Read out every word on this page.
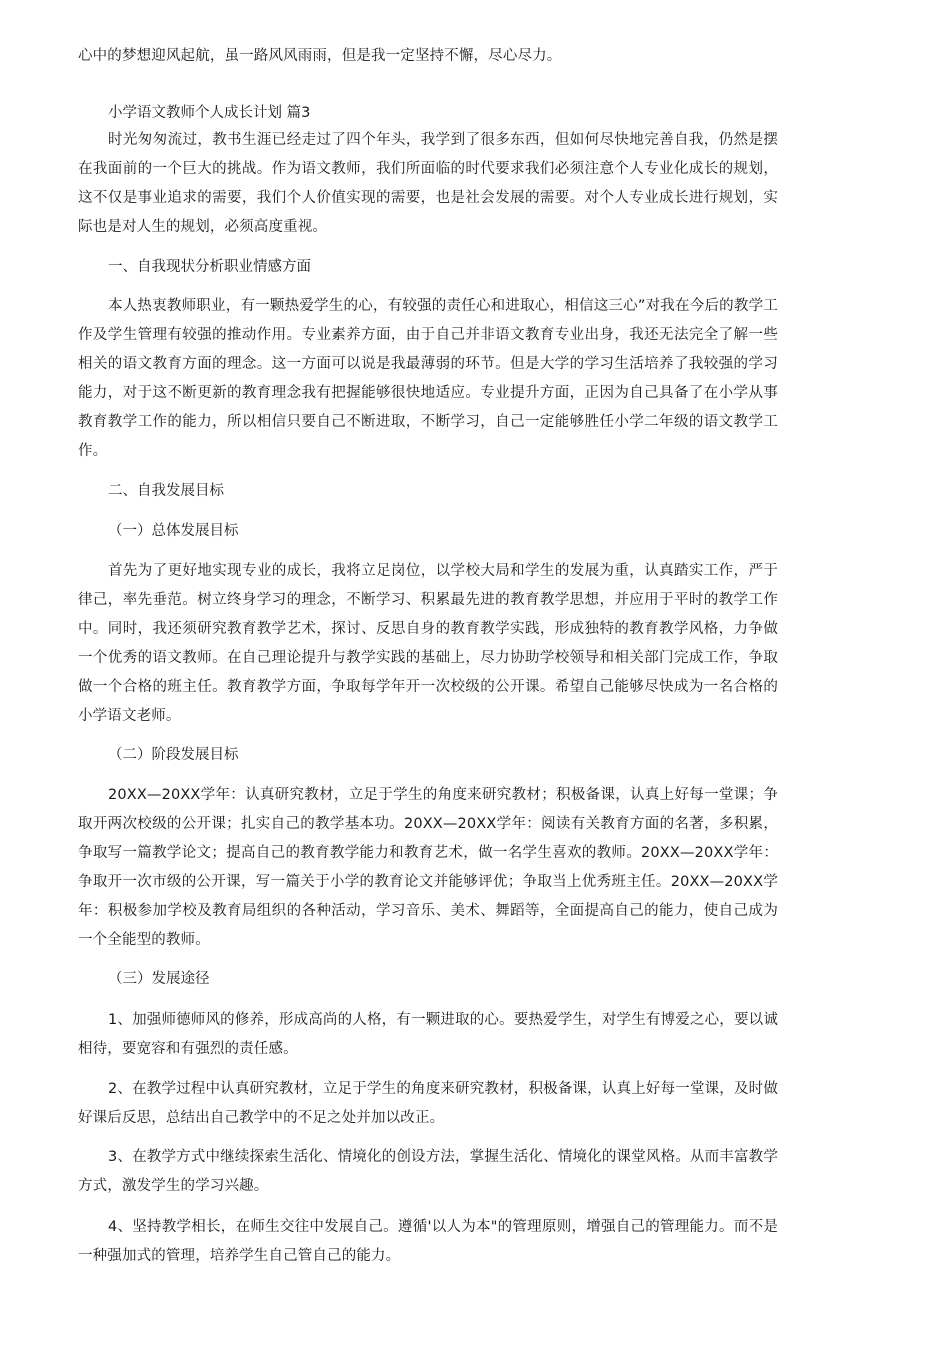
心中的梦想迎风起航，虽一路风风雨雨，但是我一定坚持不懈，尽心尽力。

小学语文教师个人成长计划 篇3

时光匆匆流过，教书生涯已经走过了四个年头，我学到了很多东西，但如何尽快地完善自我，仍然是摆在我面前的一个巨大的挑战。作为语文教师，我们所面临的时代要求我们必须注意个人专业化成长的规划，这不仅是事业追求的需要，我们个人价值实现的需要，也是社会发展的需要。对个人专业成长进行规划，实际也是对人生的规划，必须高度重视。

一、自我现状分析职业情感方面

本人热衷教师职业，有一颗热爱学生的心，有较强的责任心和进取心，相信这三心”对我在今后的教学工作及学生管理有较强的推动作用。专业素养方面，由于自己并非语文教育专业出身，我还无法完全了解一些相关的语文教育方面的理念。这一方面可以说是我最薄弱的环节。但是大学的学习生活培养了我较强的学习能力，对于这不断更新的教育理念我有把握能够很快地适应。专业提升方面，正因为自己具备了在小学从事教育教学工作的能力，所以相信只要自己不断进取，不断学习，自己一定能够胜任小学二年级的语文教学工作。

二、自我发展目标

（一）总体发展目标

首先为了更好地实现专业的成长，我将立足岗位，以学校大局和学生的发展为重，认真踏实工作，严于律己，率先垂范。树立终身学习的理念，不断学习、积累最先进的教育教学思想，并应用于平时的教学工作中。同时，我还须研究教育教学艺术，探讨、反思自身的教育教学实践，形成独特的教育教学风格，力争做一个优秀的语文教师。在自己理论提升与教学实践的基础上，尽力协助学校领导和相关部门完成工作，争取做一个合格的班主任。教育教学方面，争取每学年开一次校级的公开课。希望自己能够尽快成为一名合格的小学语文老师。

（二）阶段发展目标

20XX—20XX学年：认真研究教材，立足于学生的角度来研究教材；积极备课，认真上好每一堂课；争取开两次校级的公开课；扎实自己的教学基本功。20XX—20XX学年：阅读有关教育方面的名著，多积累，争取写一篇教学论文；提高自己的教育教学能力和教育艺术，做一名学生喜欢的教师。20XX—20XX学年：争取开一次市级的公开课，写一篇关于小学的教育论文并能够评优；争取当上优秀班主任。20XX—20XX学年：积极参加学校及教育局组织的各种活动，学习音乐、美术、舞蹈等，全面提高自己的能力，使自己成为一个全能型的教师。

（三）发展途径

1、加强师德师风的修养，形成高尚的人格，有一颗进取的心。要热爱学生，对学生有博爱之心，要以诚相待，要宽容和有强烈的责任感。

2、在教学过程中认真研究教材，立足于学生的角度来研究教材，积极备课，认真上好每一堂课，及时做好课后反思，总结出自己教学中的不足之处并加以改正。

3、在教学方式中继续探索生活化、情境化的创设方法，掌握生活化、情境化的课堂风格。从而丰富教学方式，激发学生的学习兴趣。

4、坚持教学相长，在师生交往中发展自己。遵循'以人为本"的管理原则，增强自己的管理能力。而不是一种强加式的管理，培养学生自己管自己的能力。
